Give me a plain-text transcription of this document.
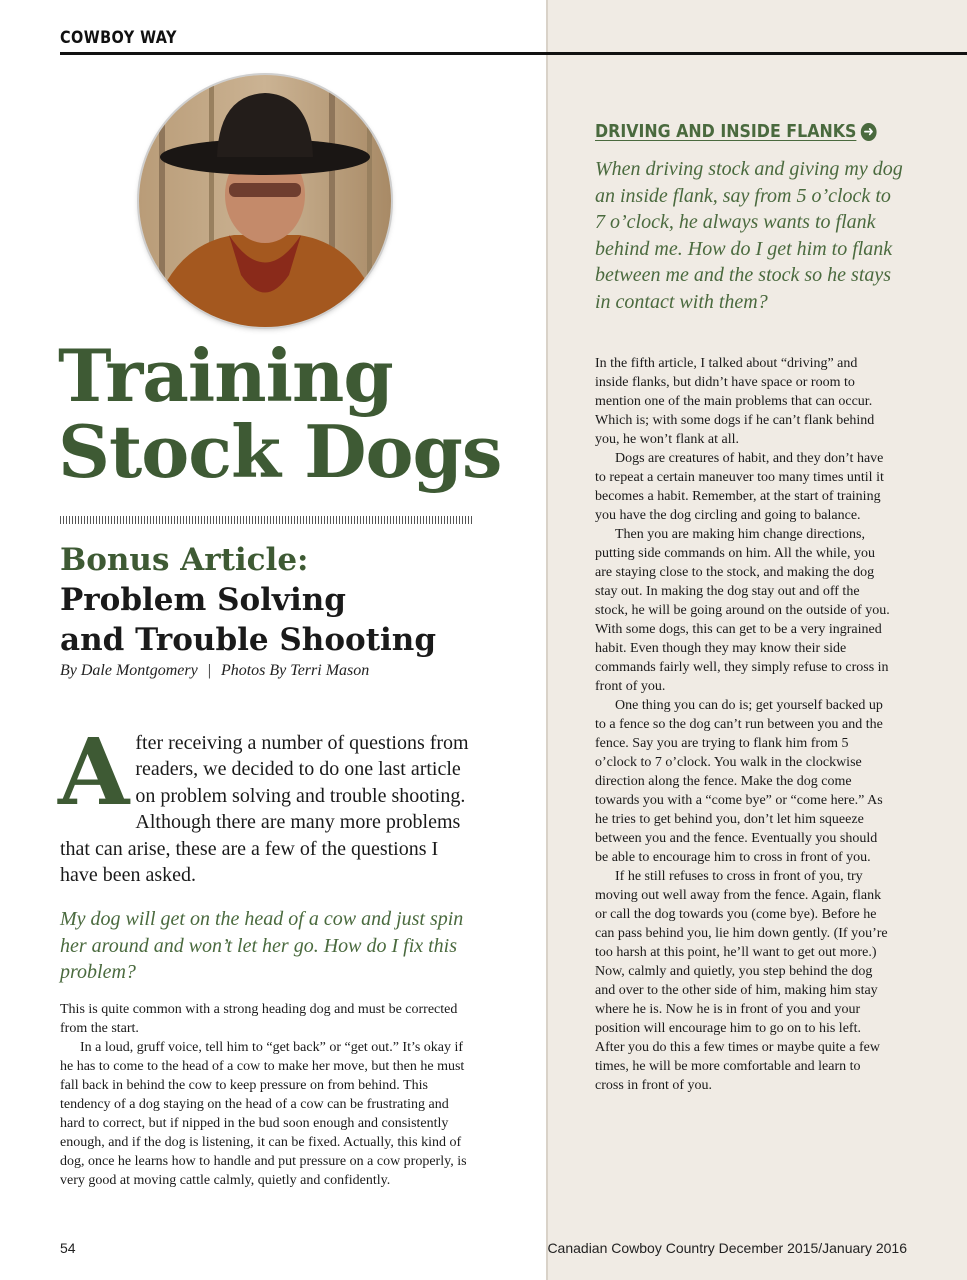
COWBOY WAY
Training
Stock Dogs
Bonus Article:
Problem Solving
and Trouble Shooting
By Dale Montgomery | Photos By Terri Mason

After receiving a number of questions from readers, we decided to do one last article on problem solving and trouble shooting. Although there are many more problems that can arise, these are a few of the questions I have been asked.

My dog will get on the head of a cow and just spin her around and won’t let her go. How do I fix this problem?

This is quite common with a strong heading dog and must be corrected from the start.

In a loud, gruff voice, tell him to “get back” or “get out.” It’s okay if he has to come to the head of a cow to make her move, but then he must fall back in behind the cow to keep pressure on from behind. This tendency of a dog staying on the head of a cow can be frustrating and hard to correct, but if nipped in the bud soon enough and consistently enough, and if the dog is listening, it can be fixed. Actually, this kind of dog, once he learns how to handle and put pressure on a cow properly, is very good at moving cattle calmly, quietly and confidently.

DRIVING AND INSIDE FLANKS ➜

When driving stock and giving my dog an inside flank, say from 5 o’clock to 7 o’clock, he always wants to flank behind me. How do I get him to flank between me and the stock so he stays in contact with them?

In the fifth article, I talked about “driving” and inside flanks, but didn’t have space or room to mention one of the main problems that can occur. Which is; with some dogs if he can’t flank behind you, he won’t flank at all.

Dogs are creatures of habit, and they don’t have to repeat a certain maneuver too many times until it becomes a habit. Remember, at the start of training you have the dog circling and going to balance.

Then you are making him change directions, putting side commands on him. All the while, you are staying close to the stock, and making the dog stay out. In making the dog stay out and off the stock, he will be going around on the outside of you. With some dogs, this can get to be a very ingrained habit. Even though they may know their side commands fairly well, they simply refuse to cross in front of you.

One thing you can do is; get yourself backed up to a fence so the dog can’t run between you and the fence. Say you are trying to flank him from 5 o’clock to 7 o’clock. You walk in the clockwise direction along the fence. Make the dog come towards you with a “come bye” or “come here.” As he tries to get behind you, don’t let him squeeze between you and the fence. Eventually you should be able to encourage him to cross in front of you.

If he still refuses to cross in front of you, try moving out well away from the fence. Again, flank or call the dog towards you (come bye). Before he can pass behind you, lie him down gently. (If you’re too harsh at this point, he’ll want to get out more.) Now, calmly and quietly, you step behind the dog and over to the other side of him, making him stay where he is. Now he is in front of you and your position will encourage him to go on to his left. After you do this a few times or maybe quite a few times, he will be more comfortable and learn to cross in front of you.

54	Canadian Cowboy Country December 2015/January 2016
